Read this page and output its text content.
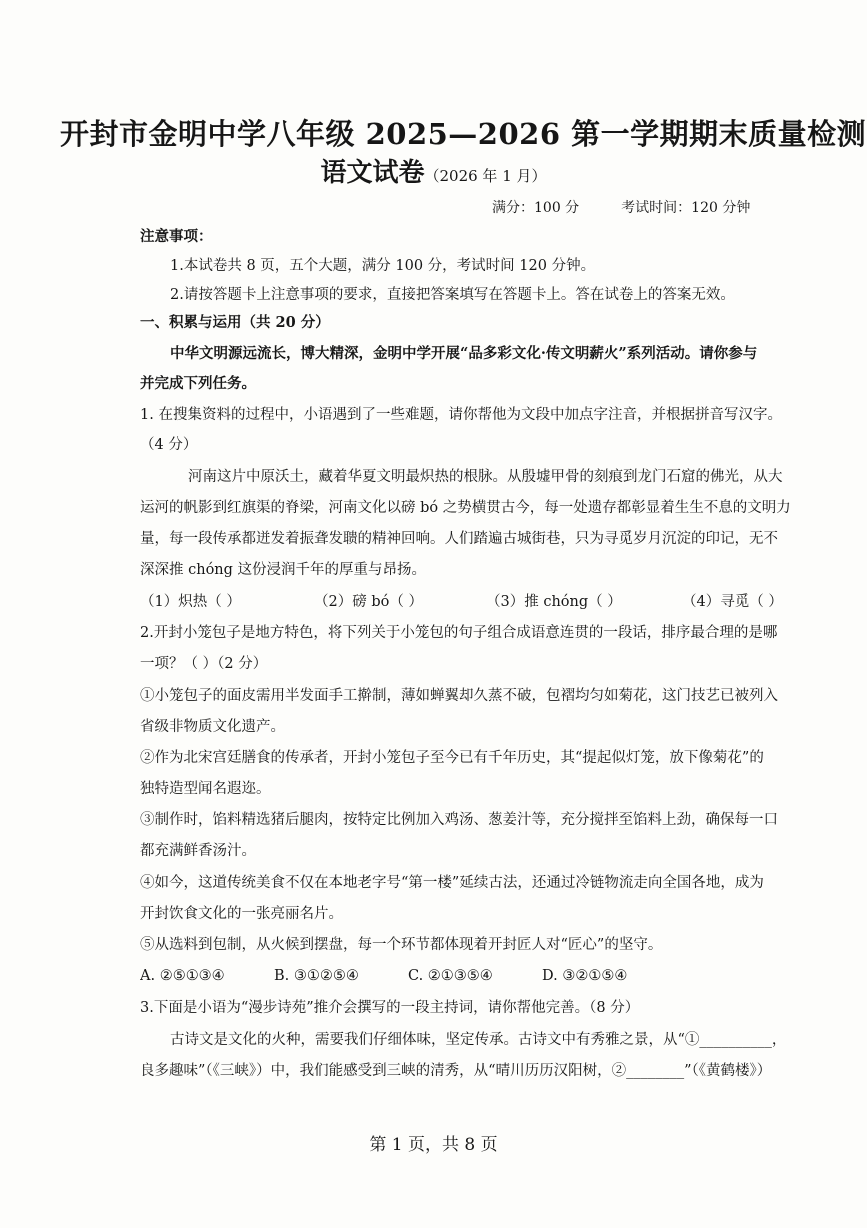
开封市金明中学八年级 2025—2026 第一学期期末质量检测
语文试卷（2026 年 1 月）
满分：100 分	考试时间：120 分钟
注意事项：
1.本试卷共 8 页，五个大题，满分 100 分，考试时间 120 分钟。
2.请按答题卡上注意事项的要求，直接把答案填写在答题卡上。答在试卷上的答案无效。
一、积累与运用（共 20 分）
中华文明源远流长，博大精深，金明中学开展“品多彩文化·传文明薪火”系列活动。请你参与
并完成下列任务。
1. 在搜集资料的过程中，小语遇到了一些难题，请你帮他为文段中加点字注音，并根据拼音写汉字。
（4 分）
河南这片中原沃土，藏着华夏文明最炽热的根脉。从殷墟甲骨的刻痕到龙门石窟的佛光，从大
运河的帆影到红旗渠的脊梁，河南文化以磅 bó 之势横贯古今，每一处遗存都彰显着生生不息的文明力
量，每一段传承都迸发着振聋发聩的精神回响。人们踏遍古城街巷，只为寻觅岁月沉淀的印记，无不
深深推 chóng 这份浸润千年的厚重与昂扬。
（1）炽热（ ）	（2）磅 bó（ ）	（3）推 chóng（ ）	（4）寻觅（ ）
2.开封小笼包子是地方特色，将下列关于小笼包的句子组合成语意连贯的一段话，排序最合理的是哪
一项？（ ）（2 分）
①小笼包子的面皮需用半发面手工擀制，薄如蝉翼却久蒸不破，包褶均匀如菊花，这门技艺已被列入
省级非物质文化遗产。
②作为北宋宫廷膳食的传承者，开封小笼包子至今已有千年历史，其“提起似灯笼，放下像菊花”的
独特造型闻名遐迩。
③制作时，馅料精选猪后腿肉，按特定比例加入鸡汤、葱姜汁等，充分搅拌至馅料上劲，确保每一口
都充满鲜香汤汁。
④如今，这道传统美食不仅在本地老字号“第一楼”延续古法，还通过冷链物流走向全国各地，成为
开封饮食文化的一张亮丽名片。
⑤从选料到包制，从火候到摆盘，每一个环节都体现着开封匠人对“匠心”的坚守。
A. ②⑤①③④	B. ③①②⑤④	C. ②①③⑤④	D. ③②①⑤④
3.下面是小语为“漫步诗苑”推介会撰写的一段主持词，请你帮他完善。（8 分）
古诗文是文化的火种，需要我们仔细体味，坚定传承。古诗文中有秀雅之景，从“①__________，
良多趣味”（《三峡》）中，我们能感受到三峡的清秀，从“晴川历历汉阳树，②________”（《黄鹤楼》）
第 1 页，共 8 页
